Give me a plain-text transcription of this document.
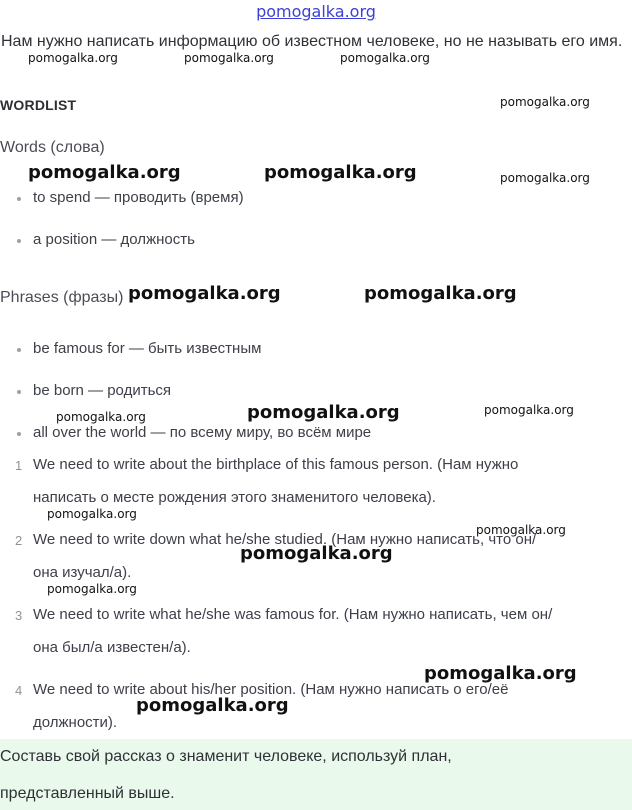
pomogalka.org
Нам нужно написать информацию об известном человеке, но не называть его имя.
WORDLIST
Words (слова)
to spend — проводить (время)
a position — должность
Phrases (фразы)
be famous for — быть известным
be born — родиться
all over the world — по всему миру, во всём мире
1 We need to write about the birthplace of this famous person. (Нам нужно
написать о месте рождения этого знаменитого человека).
2 We need to write down what he/she studied. (Нам нужно написать, что он/
она изучал/а).
3 We need to write what he/she was famous for. (Нам нужно написать, чем он/
она был/а известен/а).
4 We need to write about his/her position. (Нам нужно написать о его/её
должности).
Составь свой рассказ о знаменит человеке, используй план,
представленный выше.
pomogalka.org	pomogalka.org	pomogalka.org
pomogalka.org
pomogalka.org	pomogalka.org	pomogalka.org
pomogalka.org	pomogalka.org
pomogalka.org	pomogalka.org	pomogalka.org
pomogalka.org
pomogalka.org
pomogalka.org
pomogalka.org
pomogalka.org
pomogalka.org
